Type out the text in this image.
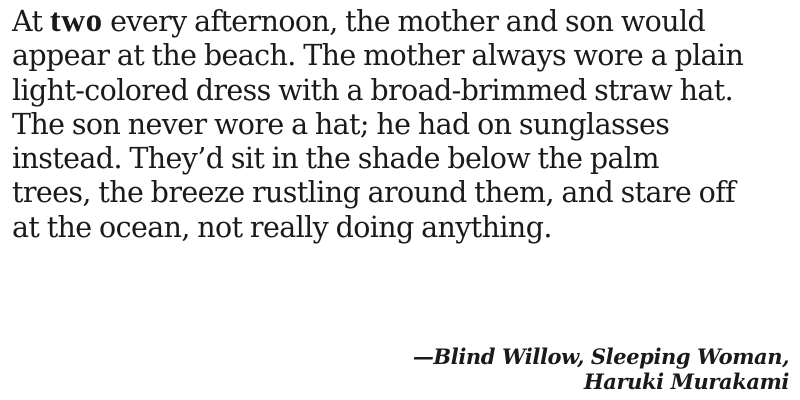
At two every afternoon, the mother and son would
appear at the beach. The mother always wore a plain
light-colored dress with a broad-brimmed straw hat.
The son never wore a hat; he had on sunglasses
instead. They’d sit in the shade below the palm
trees, the breeze rustling around them, and stare off
at the ocean, not really doing anything.
—Blind Willow, Sleeping Woman,
Haruki Murakami
